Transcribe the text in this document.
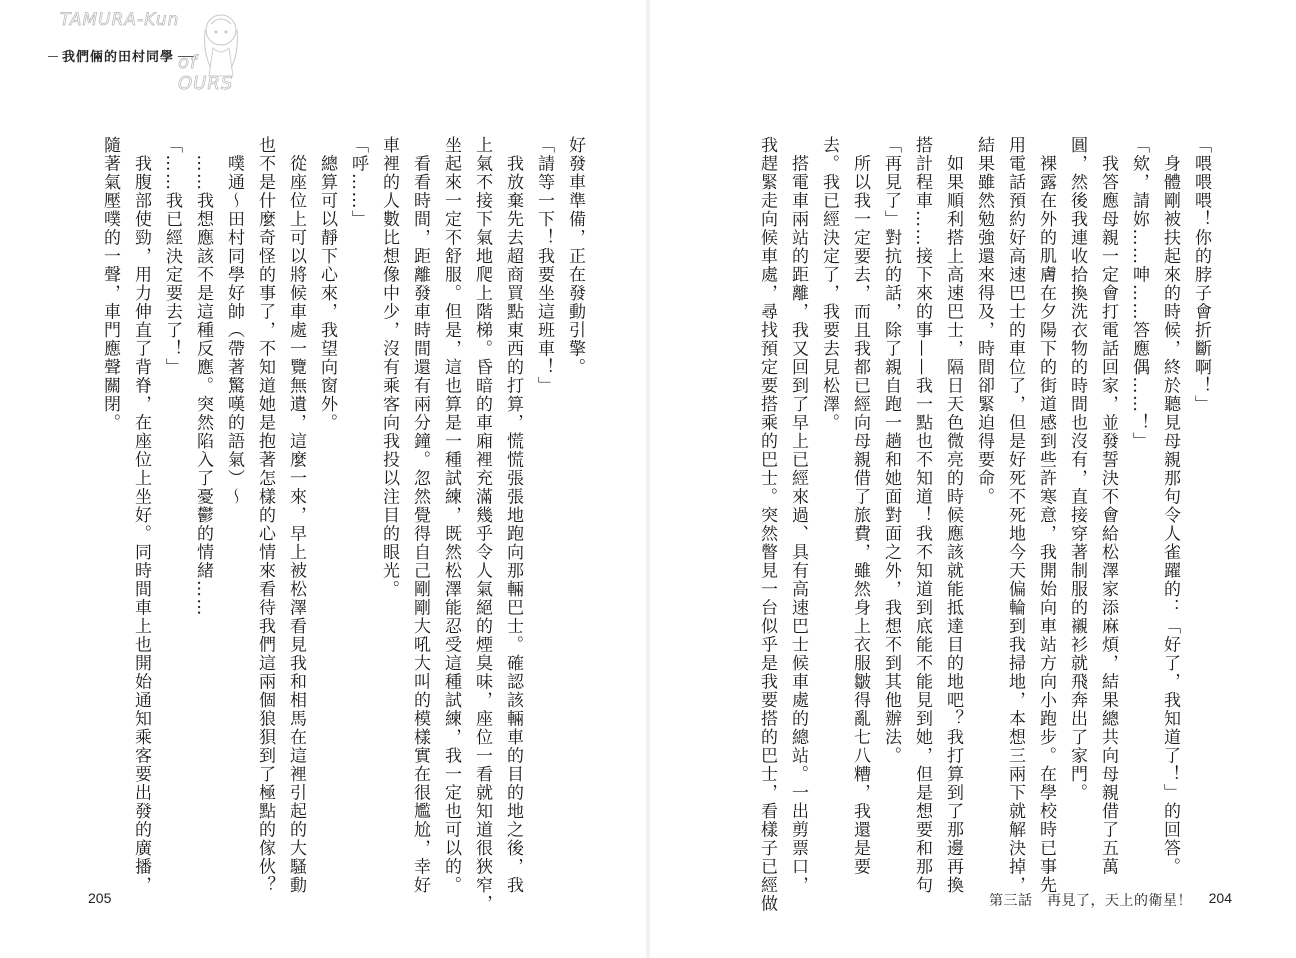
TAMURA-Kun
我們倆的田村同學 of OURS

好發車準備，正在發動引擎。

「請等一下！我要坐這班車！」

　我放棄先去超商買點東西的打算，慌慌張張地跑向那輛巴士。確認該輛車的目的地之後，我

上氣不接下氣地爬上階梯。昏暗的車廂裡充滿幾乎令人氣絕的煙臭味，座位一看就知道很狹窄，

坐起來一定不舒服。但是，這也算是一種試練，既然松澤能忍受這種試練，我一定也可以的。

　看看時間，距離發車時間還有兩分鐘。忽然覺得自己剛剛大吼大叫的模樣實在很尷尬，幸好

車裡的人數比想像中少，沒有乘客向我投以注目的眼光。

「呼……」

　總算可以靜下心來，我望向窗外。

　從座位上可以將候車處一覽無遺，這麼一來，早上被松澤看見我和相馬在這裡引起的大騷動

也不是什麼奇怪的事了，不知道她是抱著怎樣的心情來看待我們這兩個狼狽到了極點的傢伙？

　噗通～田村同學好帥（帶著驚嘆的語氣）～

　……我想應該不是這種反應。突然陷入了憂鬱的情緒……

「……我已經決定要去了！」

　我腹部使勁，用力伸直了背脊，在座位上坐好。同時間車上也開始通知乘客要出發的廣播，

隨著氣壓噗的一聲，車門應聲關閉。

205

「喂喂喂！你的脖子會折斷啊！」

　身體剛被扶起來的時候，終於聽見母親那句令人雀躍的：「好了，我知道了！」的回答。

「欸，請妳……呻……答應偶……！」

　我答應母親一定會打電話回家，並發誓決不會給松澤家添麻煩，結果總共向母親借了五萬

圓，然後我連收拾換洗衣物的時間也沒有，直接穿著制服的襯衫就飛奔出了家門。

　裸露在外的肌膚在夕陽下的街道感到些許寒意，我開始向車站方向小跑步。在學校時已事先

用電話預約好高速巴士的車位了，但是好死不死地今天偏輪到我掃地，本想三兩下就解決掉，

結果雖然勉強還來得及，時間卻緊迫得要命。

　如果順利搭上高速巴士，隔日天色微亮的時候應該就能抵達目的地吧？我打算到了那邊再換

搭計程車……接下來的事——我一點也不知道！我不知道到底能不能見到她，但是想要和那句

「再見了」對抗的話，除了親自跑一趟和她面對面之外，我想不到其他辦法。

　所以我一定要去，而且我都已經向母親借了旅費，雖然身上衣服皺得亂七八糟，我還是要

去。我已經決定了，我要去見松澤。

　搭電車兩站的距離，我又回到了早上已經來過、具有高速巴士候車處的總站。一出剪票口，

我趕緊走向候車處，尋找預定要搭乘的巴士。突然瞥見一台似乎是我要搭的巴士，看樣子已經做	第三話　再見了，天上的衛星！ 204
